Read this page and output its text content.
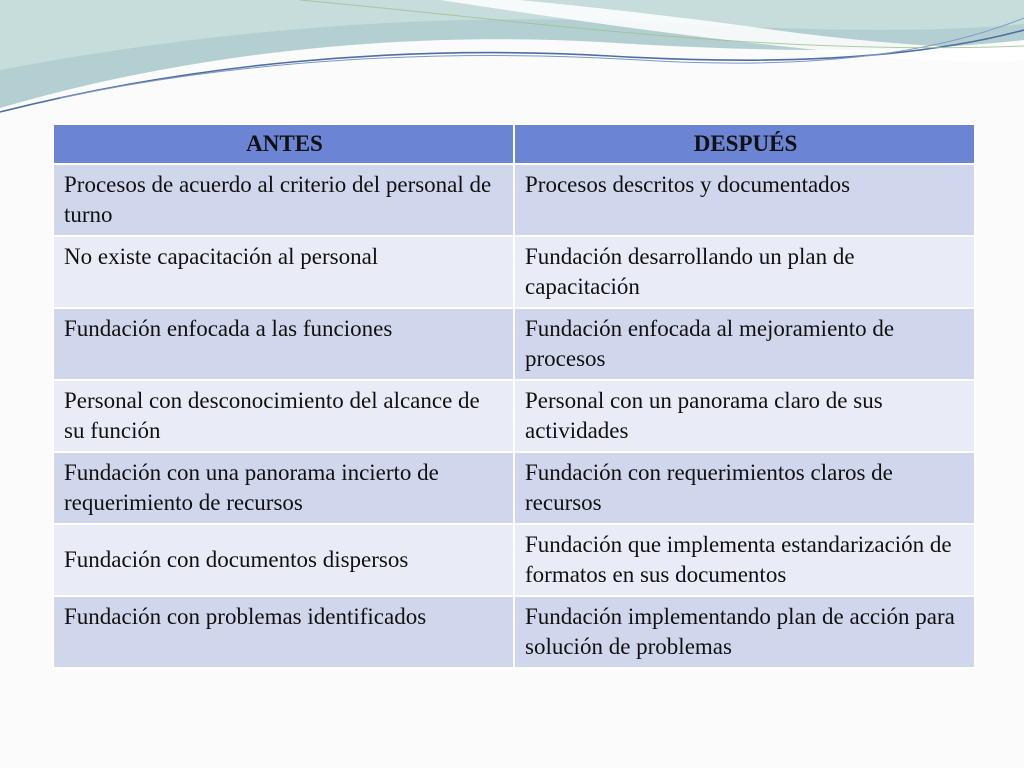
ANTES	DESPUÉS
Procesos de acuerdo al criterio del personal de turno	Procesos descritos y documentados
No existe capacitación al personal	Fundación desarrollando un plan de capacitación
Fundación enfocada a las funciones	Fundación enfocada al mejoramiento de procesos
Personal con desconocimiento del alcance de su función	Personal con un panorama claro de sus actividades
Fundación con una panorama incierto de requerimiento de recursos	Fundación con requerimientos claros de recursos
Fundación con documentos dispersos	Fundación que implementa estandarización de formatos en sus documentos
Fundación con problemas identificados	Fundación implementando plan de acción para solución de problemas
